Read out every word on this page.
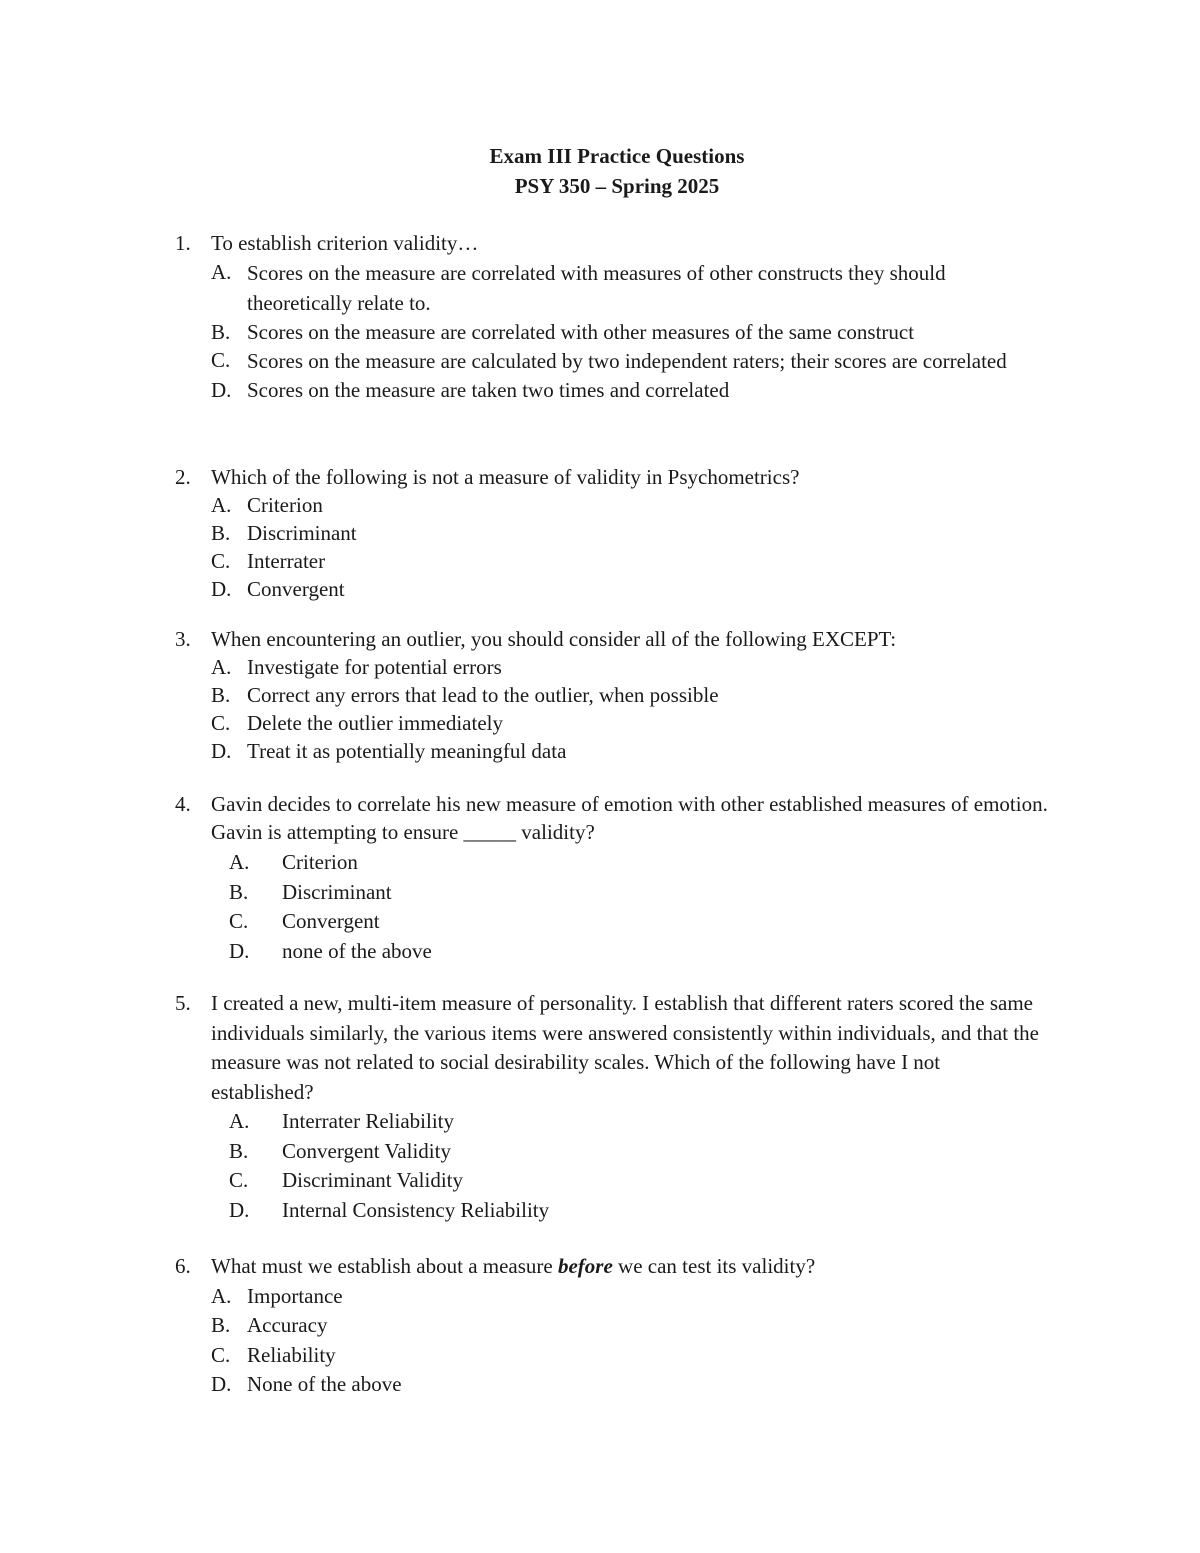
Exam III Practice Questions
PSY 350 – Spring 2025
1. To establish criterion validity…
A. Scores on the measure are correlated with measures of other constructs they should theoretically relate to.
B. Scores on the measure are correlated with other measures of the same construct
C. Scores on the measure are calculated by two independent raters; their scores are correlated
D. Scores on the measure are taken two times and correlated
2. Which of the following is not a measure of validity in Psychometrics?
A. Criterion
B. Discriminant
C. Interrater
D. Convergent
3. When encountering an outlier, you should consider all of the following EXCEPT:
A. Investigate for potential errors
B. Correct any errors that lead to the outlier, when possible
C. Delete the outlier immediately
D. Treat it as potentially meaningful data
4. Gavin decides to correlate his new measure of emotion with other established measures of emotion. Gavin is attempting to ensure _____ validity?
A.	Criterion
B.	Discriminant
C.	Convergent
D.	none of the above
5. I created a new, multi-item measure of personality. I establish that different raters scored the same individuals similarly, the various items were answered consistently within individuals, and that the measure was not related to social desirability scales. Which of the following have I not established?
A.	Interrater Reliability
B.	Convergent Validity
C.	Discriminant Validity
D.	Internal Consistency Reliability
6. What must we establish about a measure before we can test its validity?
A. Importance
B. Accuracy
C. Reliability
D. None of the above
